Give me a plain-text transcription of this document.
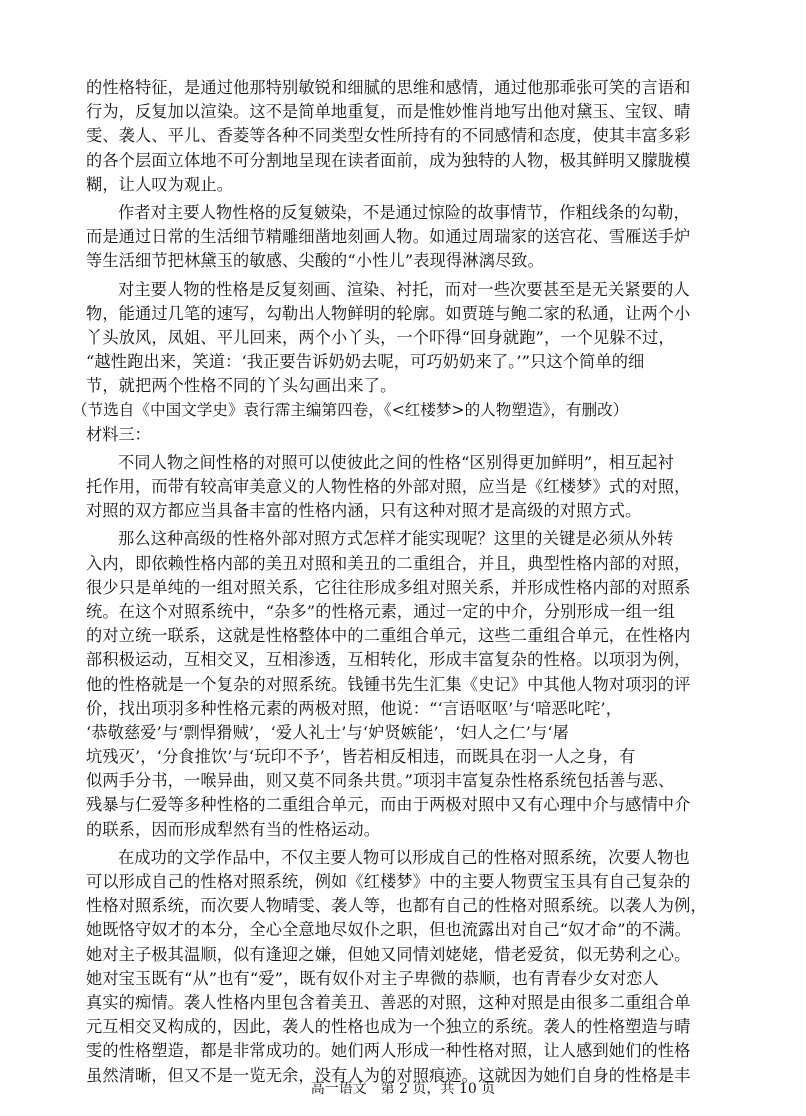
的性格特征，是通过他那特别敏锐和细腻的思维和感情，通过他那乖张可笑的言语和
行为，反复加以渲染。这不是简单地重复，而是惟妙惟肖地写出他对黛玉、宝钗、晴
雯、袭人、平儿、香菱等各种不同类型女性所持有的不同感情和态度，使其丰富多彩
的各个层面立体地不可分割地呈现在读者面前，成为独特的人物，极其鲜明又朦胧模
糊，让人叹为观止。
作者对主要人物性格的反复皴染，不是通过惊险的故事情节，作粗线条的勾勒，
而是通过日常的生活细节精雕细凿地刻画人物。如通过周瑞家的送宫花、雪雁送手炉
等生活细节把林黛玉的敏感、尖酸的“小性儿”表现得淋漓尽致。
对主要人物的性格是反复刻画、渲染、衬托，而对一些次要甚至是无关紧要的人
物，能通过几笔的速写，勾勒出人物鲜明的轮廓。如贾琏与鲍二家的私通，让两个小
丫头放风，凤姐、平儿回来，两个小丫头，一个吓得“回身就跑”，一个见躲不过，
“越性跑出来，笑道：‘我正要告诉奶奶去呢，可巧奶奶来了。’”只这个简单的细
节，就把两个性格不同的丫头勾画出来了。
（节选自《中国文学史》袁行霈主编第四卷，《<红楼梦>的人物塑造》，有删改）
材料三：
不同人物之间性格的对照可以使彼此之间的性格“区别得更加鲜明”，相互起衬
托作用，而带有较高审美意义的人物性格的外部对照，应当是《红楼梦》式的对照，
对照的双方都应当具备丰富的性格内涵，只有这种对照才是高级的对照方式。
那么这种高级的性格外部对照方式怎样才能实现呢？这里的关键是必须从外转
入内，即依赖性格内部的美丑对照和美丑的二重组合，并且，典型性格内部的对照，
很少只是单纯的一组对照关系，它往往形成多组对照关系，并形成性格内部的对照系
统。在这个对照系统中，“杂多”的性格元素，通过一定的中介，分别形成一组一组
的对立统一联系，这就是性格整体中的二重组合单元，这些二重组合单元，在性格内
部积极运动，互相交叉，互相渗透，互相转化，形成丰富复杂的性格。以项羽为例，
他的性格就是一个复杂的对照系统。钱锺书先生汇集《史记》中其他人物对项羽的评
价，找出项羽多种性格元素的两极对照，他说：“‘言语呕呕’与‘喑恶叱咤’，
‘恭敬慈爱’与‘剽悍猾贼’，‘爱人礼士’与‘妒贤嫉能’，‘妇人之仁’与‘屠
坑残灭’，‘分食推饮’与‘玩印不予’，皆若相反相违，而既具在羽一人之身，有
似两手分书，一喉异曲，则又莫不同条共贯。”项羽丰富复杂性格系统包括善与恶、
残暴与仁爱等多种性格的二重组合单元，而由于两极对照中又有心理中介与感情中介
的联系，因而形成犁然有当的性格运动。
在成功的文学作品中，不仅主要人物可以形成自己的性格对照系统，次要人物也
可以形成自己的性格对照系统，例如《红楼梦》中的主要人物贾宝玉具有自己复杂的
性格对照系统，而次要人物晴雯、袭人等，也都有自己的性格对照系统。以袭人为例，
她既恪守奴才的本分，全心全意地尽奴仆之职，但也流露出对自己“奴才命”的不满。
她对主子极其温顺，似有逢迎之嫌，但她又同情刘姥姥，惜老爱贫，似无势利之心。
她对宝玉既有“从”也有“爱”，既有奴仆对主子卑微的恭顺，也有青春少女对恋人
真实的痴情。袭人性格内里包含着美丑、善恶的对照，这种对照是由很多二重组合单
元互相交叉构成的，因此，袭人的性格也成为一个独立的系统。袭人的性格塑造与晴
雯的性格塑造，都是非常成功的。她们两人形成一种性格对照，让人感到她们的性格
虽然清晰，但又不是一览无余，没有人为的对照痕迹。这就因为她们自身的性格是丰
高一语文　第 2 页，共 10 页
